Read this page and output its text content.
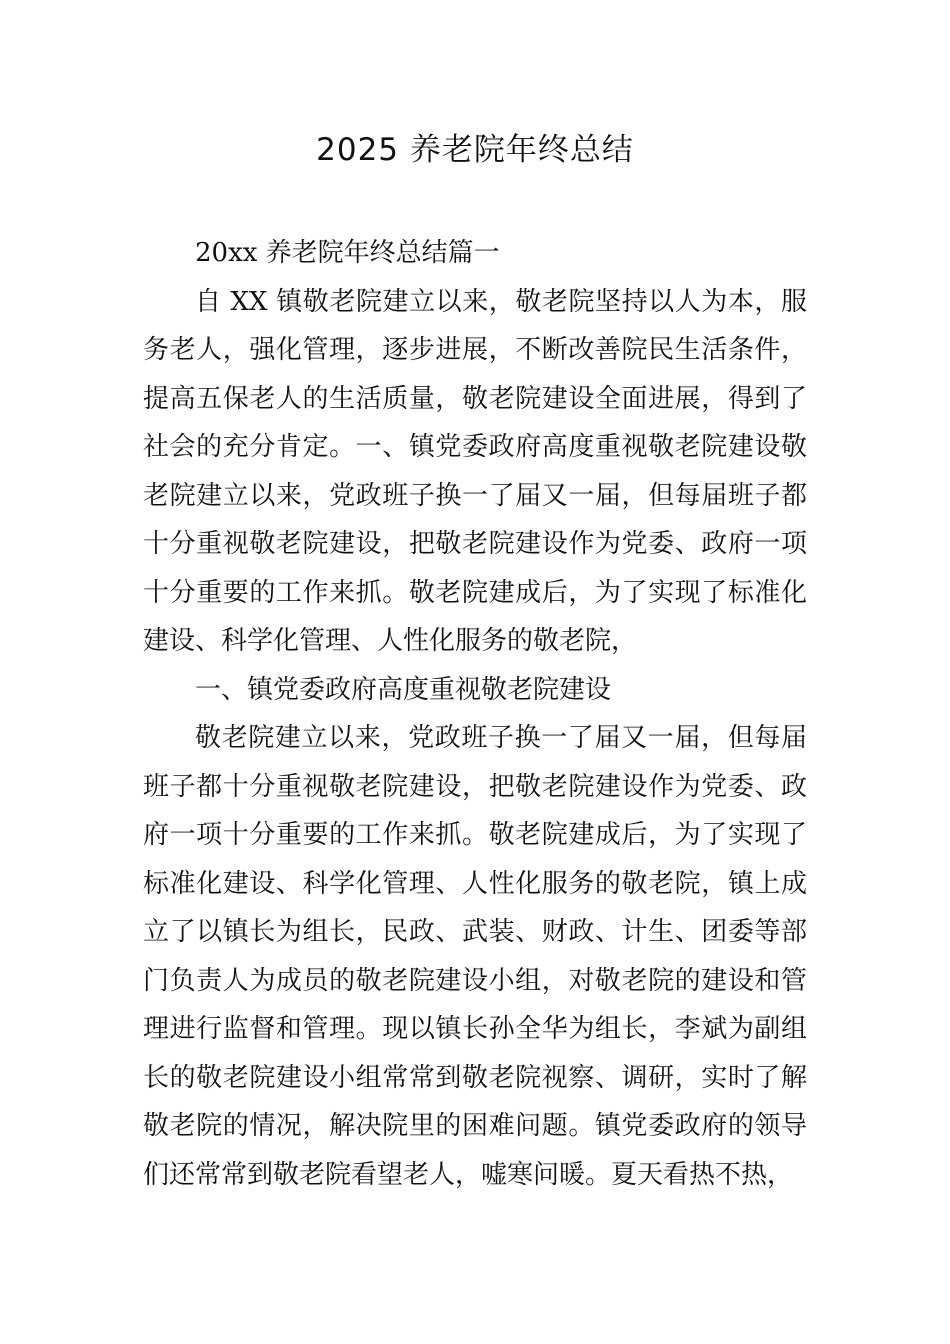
2025 养老院年终总结

20xx 养老院年终总结篇一

自 XX 镇敬老院建立以来，敬老院坚持以人为本，服务老人，强化管理，逐步进展，不断改善院民生活条件，提高五保老人的生活质量，敬老院建设全面进展，得到了社会的充分肯定。一、镇党委政府高度重视敬老院建设敬老院建立以来，党政班子换一了届又一届，但每届班子都十分重视敬老院建设，把敬老院建设作为党委、政府一项十分重要的工作来抓。敬老院建成后，为了实现了标准化建设、科学化管理、人性化服务的敬老院，

一、镇党委政府高度重视敬老院建设

敬老院建立以来，党政班子换一了届又一届，但每届班子都十分重视敬老院建设，把敬老院建设作为党委、政府一项十分重要的工作来抓。敬老院建成后，为了实现了标准化建设、科学化管理、人性化服务的敬老院，镇上成立了以镇长为组长，民政、武装、财政、计生、团委等部门负责人为成员的敬老院建设小组，对敬老院的建设和管理进行监督和管理。现以镇长孙全华为组长，李斌为副组长的敬老院建设小组常常到敬老院视察、调研，实时了解敬老院的情况，解决院里的困难问题。镇党委政府的领导们还常常到敬老院看望老人，嘘寒问暖。夏天看热不热，
